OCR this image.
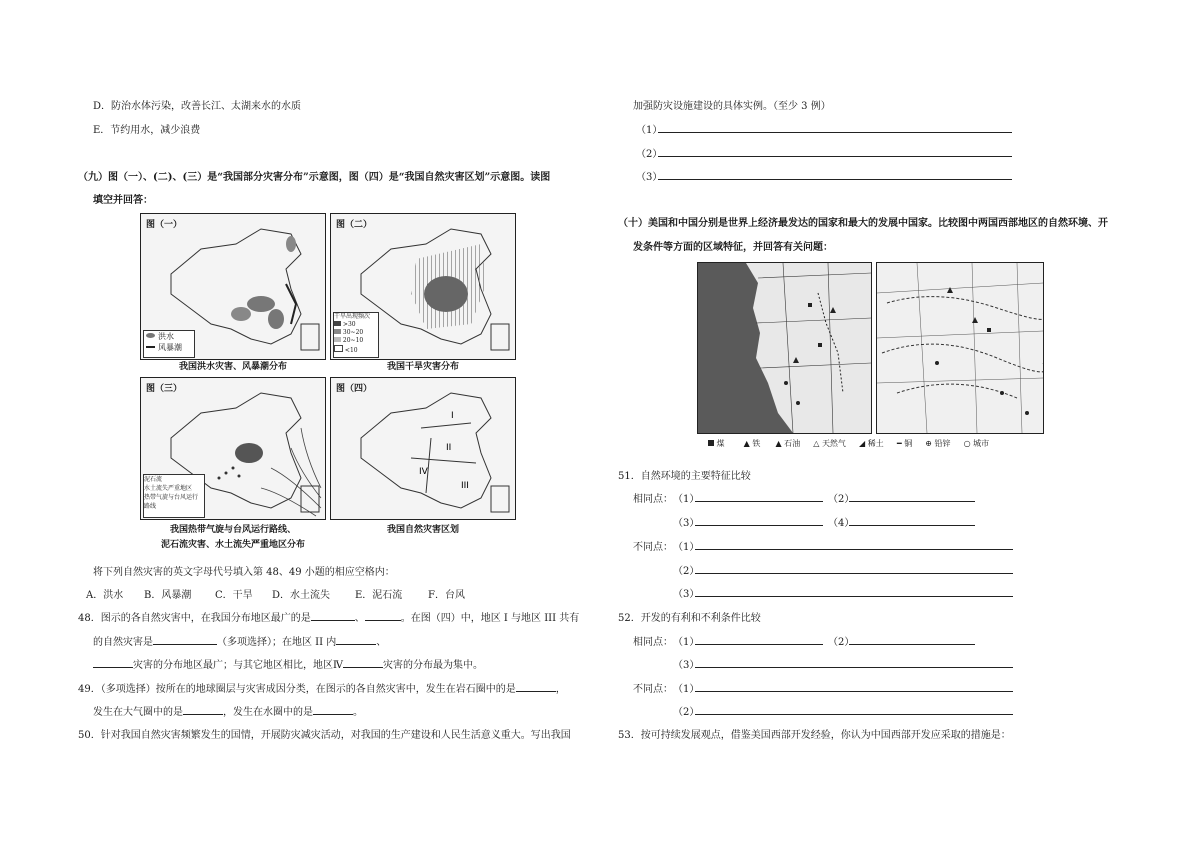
D．防治水体污染，改善长江、太湖来水的水质
E．节约用水，减少浪费
（九）图（一）、(二)、(三）是“我国部分灾害分布”示意图，图（四）是“我国自然灾害区划”示意图。读图
填空并回答：
图（一）
洪水
风暴潮
我国洪水灾害、风暴潮分布
图（二）
干旱出现频次
>30
30~20
20~10
<10
我国干旱灾害分布
图（三）
泥石流
水土流失严重地区
热带气旋与台风运行路线
我国热带气旋与台风运行路线、
泥石流灾害、水土流失严重地区分布
图（四）
I
II
III
IV
我国自然灾害区划
将下列自然灾害的英文字母代号填入第 48、49 小题的相应空格内：
A．洪水 B．风暴潮 C．干旱 D．水土流失 E．泥石流	F．台风
48．图示的各自然灾害中，在我国分布地区最广的是	、	。在图（四）中，地区 I 与地区 III 共有
的自然灾害是	（多项选择）；在地区 II 内	、
灾害的分布地区最广；与其它地区相比，地区Ⅳ	灾害的分布最为集中。
49．（多项选择）按所在的地球圈层与灾害成因分类，在图示的各自然灾害中，发生在岩石圈中的是	，
发生在大气圈中的是	，发生在水圈中的是	。
50．针对我国自然灾害频繁发生的国情，开展防灾减灾活动，对我国的生产建设和人民生活意义重大。写出我国
加强防灾设施建设的具体实例。（至少 3 例）
（1）
（2）
（3）
（十）美国和中国分别是世界上经济最发达的国家和最大的发展中国家。比较图中两国西部地区的自然环境、开
发条件等方面的区域特征，并回答有关问题：
煤 ▲ 铁 ▲ 石油 △ 天然气 ◢ 稀土 ━ 铜 ⊕ 铅锌 ○ 城市
51．自然环境的主要特征比较
相同点： （1）	（2）
（3）	（4）
不同点： （1）
（2）
（3）
52．开发的有利和不利条件比较
相同点： （1）	（2）
（3）
不同点： （1）
（2）
53．按可持续发展观点，借鉴美国西部开发经验，你认为中国西部开发应采取的措施是：
